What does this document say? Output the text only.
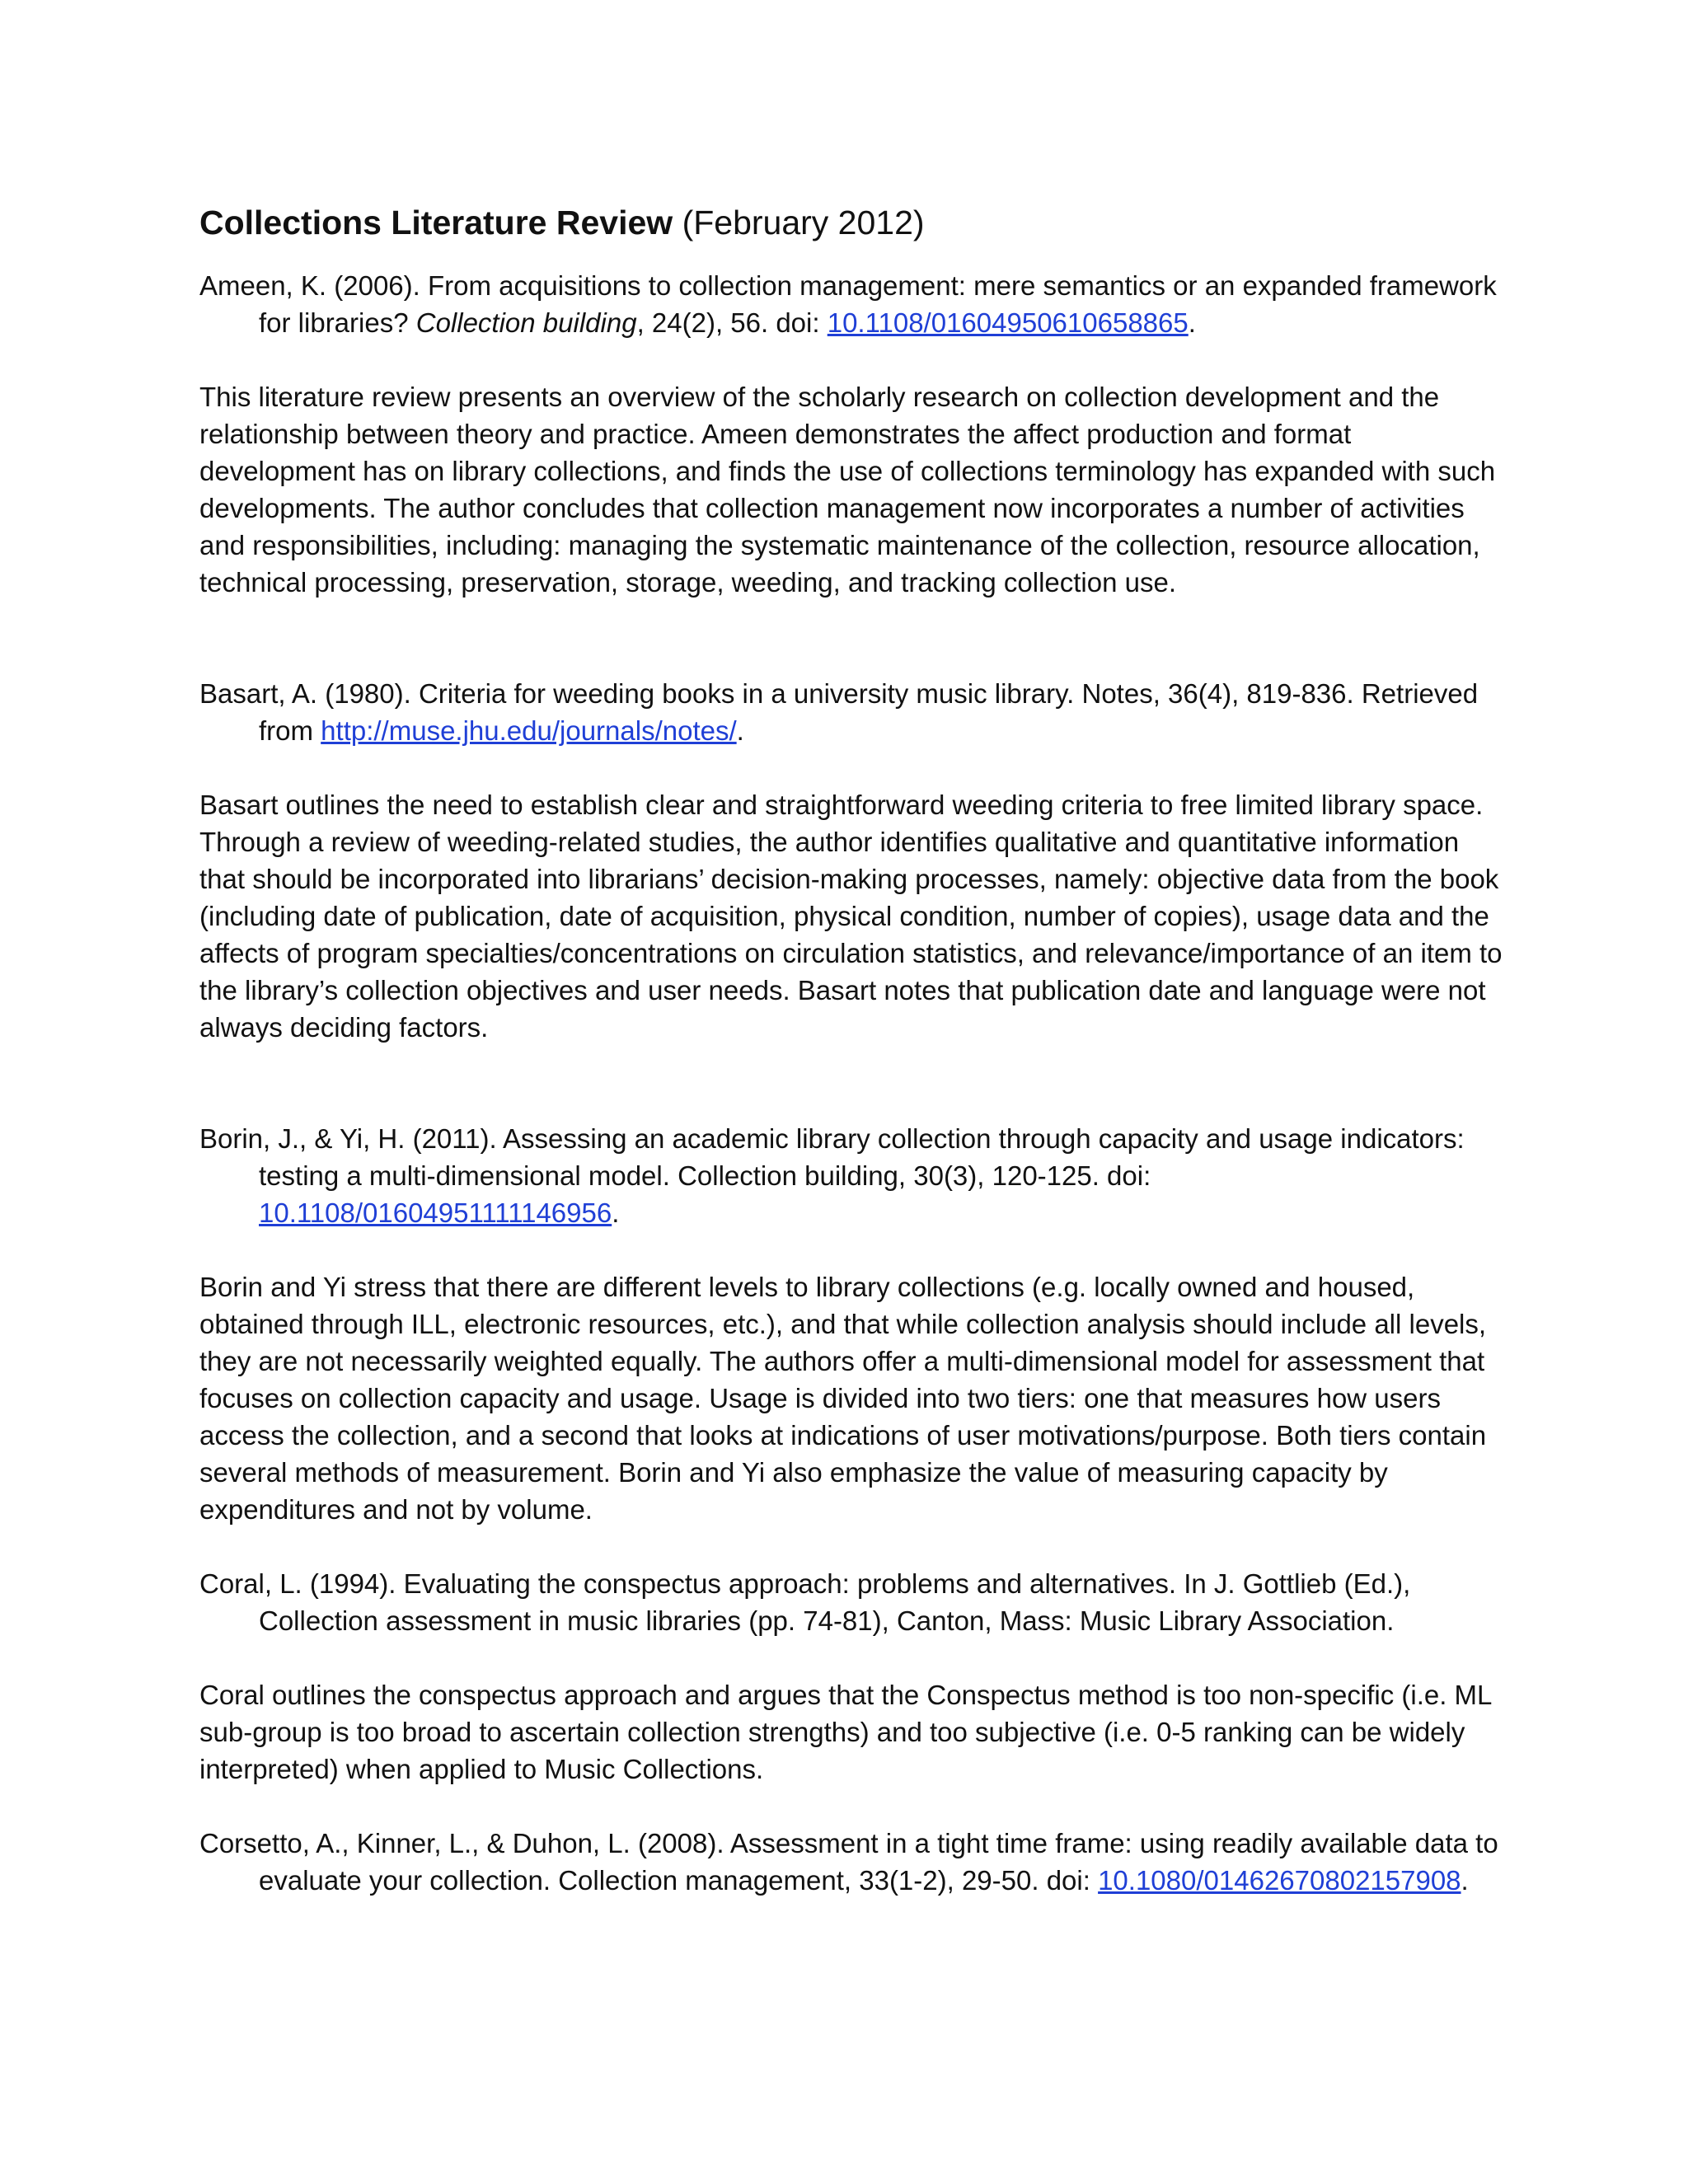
Collections Literature Review (February 2012)

Ameen, K. (2006). From acquisitions to collection management: mere semantics or an expanded framework for libraries? Collection building, 24(2), 56. doi: 10.1108/01604950610658865.

This literature review presents an overview of the scholarly research on collection development and the relationship between theory and practice. Ameen demonstrates the affect production and format development has on library collections, and finds the use of collections terminology has expanded with such developments. The author concludes that collection management now incorporates a number of activities and responsibilities, including: managing the systematic maintenance of the collection, resource allocation, technical processing, preservation, storage, weeding, and tracking collection use.

Basart, A. (1980). Criteria for weeding books in a university music library. Notes, 36(4), 819-836. Retrieved from http://muse.jhu.edu/journals/notes/.

Basart outlines the need to establish clear and straightforward weeding criteria to free limited library space. Through a review of weeding-related studies, the author identifies qualitative and quantitative information that should be incorporated into librarians’ decision-making processes, namely: objective data from the book (including date of publication, date of acquisition, physical condition, number of copies), usage data and the affects of program specialties/concentrations on circulation statistics, and relevance/importance of an item to the library’s collection objectives and user needs. Basart notes that publication date and language were not always deciding factors.

Borin, J., & Yi, H. (2011). Assessing an academic library collection through capacity and usage indicators: testing a multi-dimensional model. Collection building, 30(3), 120-125. doi: 10.1108/01604951111146956.

Borin and Yi stress that there are different levels to library collections (e.g. locally owned and housed, obtained through ILL, electronic resources, etc.), and that while collection analysis should include all levels, they are not necessarily weighted equally. The authors offer a multi-dimensional model for assessment that focuses on collection capacity and usage. Usage is divided into two tiers: one that measures how users access the collection, and a second that looks at indications of user motivations/purpose. Both tiers contain several methods of measurement. Borin and Yi also emphasize the value of measuring capacity by expenditures and not by volume.

Coral, L. (1994). Evaluating the conspectus approach: problems and alternatives. In J. Gottlieb (Ed.), Collection assessment in music libraries (pp. 74-81), Canton, Mass: Music Library Association.

Coral outlines the conspectus approach and argues that the Conspectus method is too non-specific (i.e. ML sub-group is too broad to ascertain collection strengths) and too subjective (i.e. 0-5 ranking can be widely interpreted) when applied to Music Collections.

Corsetto, A., Kinner, L., & Duhon, L. (2008). Assessment in a tight time frame: using readily available data to evaluate your collection. Collection management, 33(1-2), 29-50. doi: 10.1080/01462670802157908.
